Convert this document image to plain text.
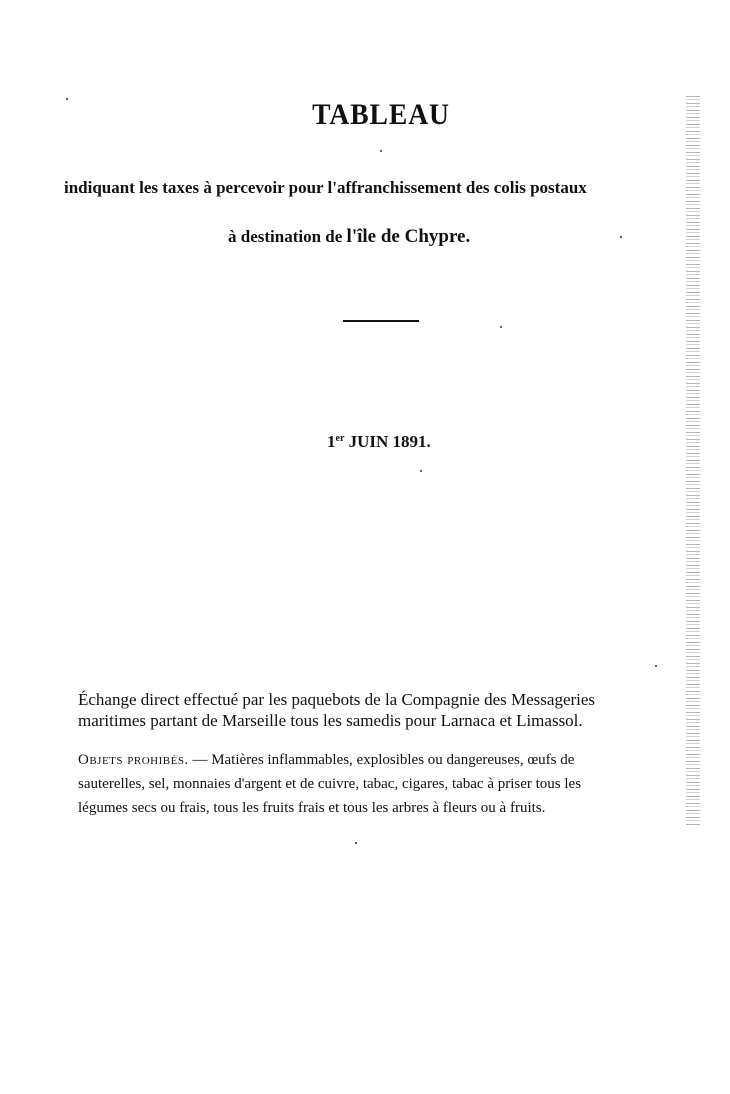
TABLEAU

indiquant les taxes à percevoir pour l'affranchissement des colis postaux

à destination de l'île de Chypre.

1er JUIN 1891.

Échange direct effectué par les paquebots de la Compagnie des Messageries
maritimes partant de Marseille tous les samedis pour Larnaca et Limassol.

Objets prohibés. — Matières inflammables, explosibles ou dangereuses, œufs de
sauterelles, sel, monnaies d'argent et de cuivre, tabac, cigares, tabac à priser tous les
légumes secs ou frais, tous les fruits frais et tous les arbres à fleurs ou à fruits.
